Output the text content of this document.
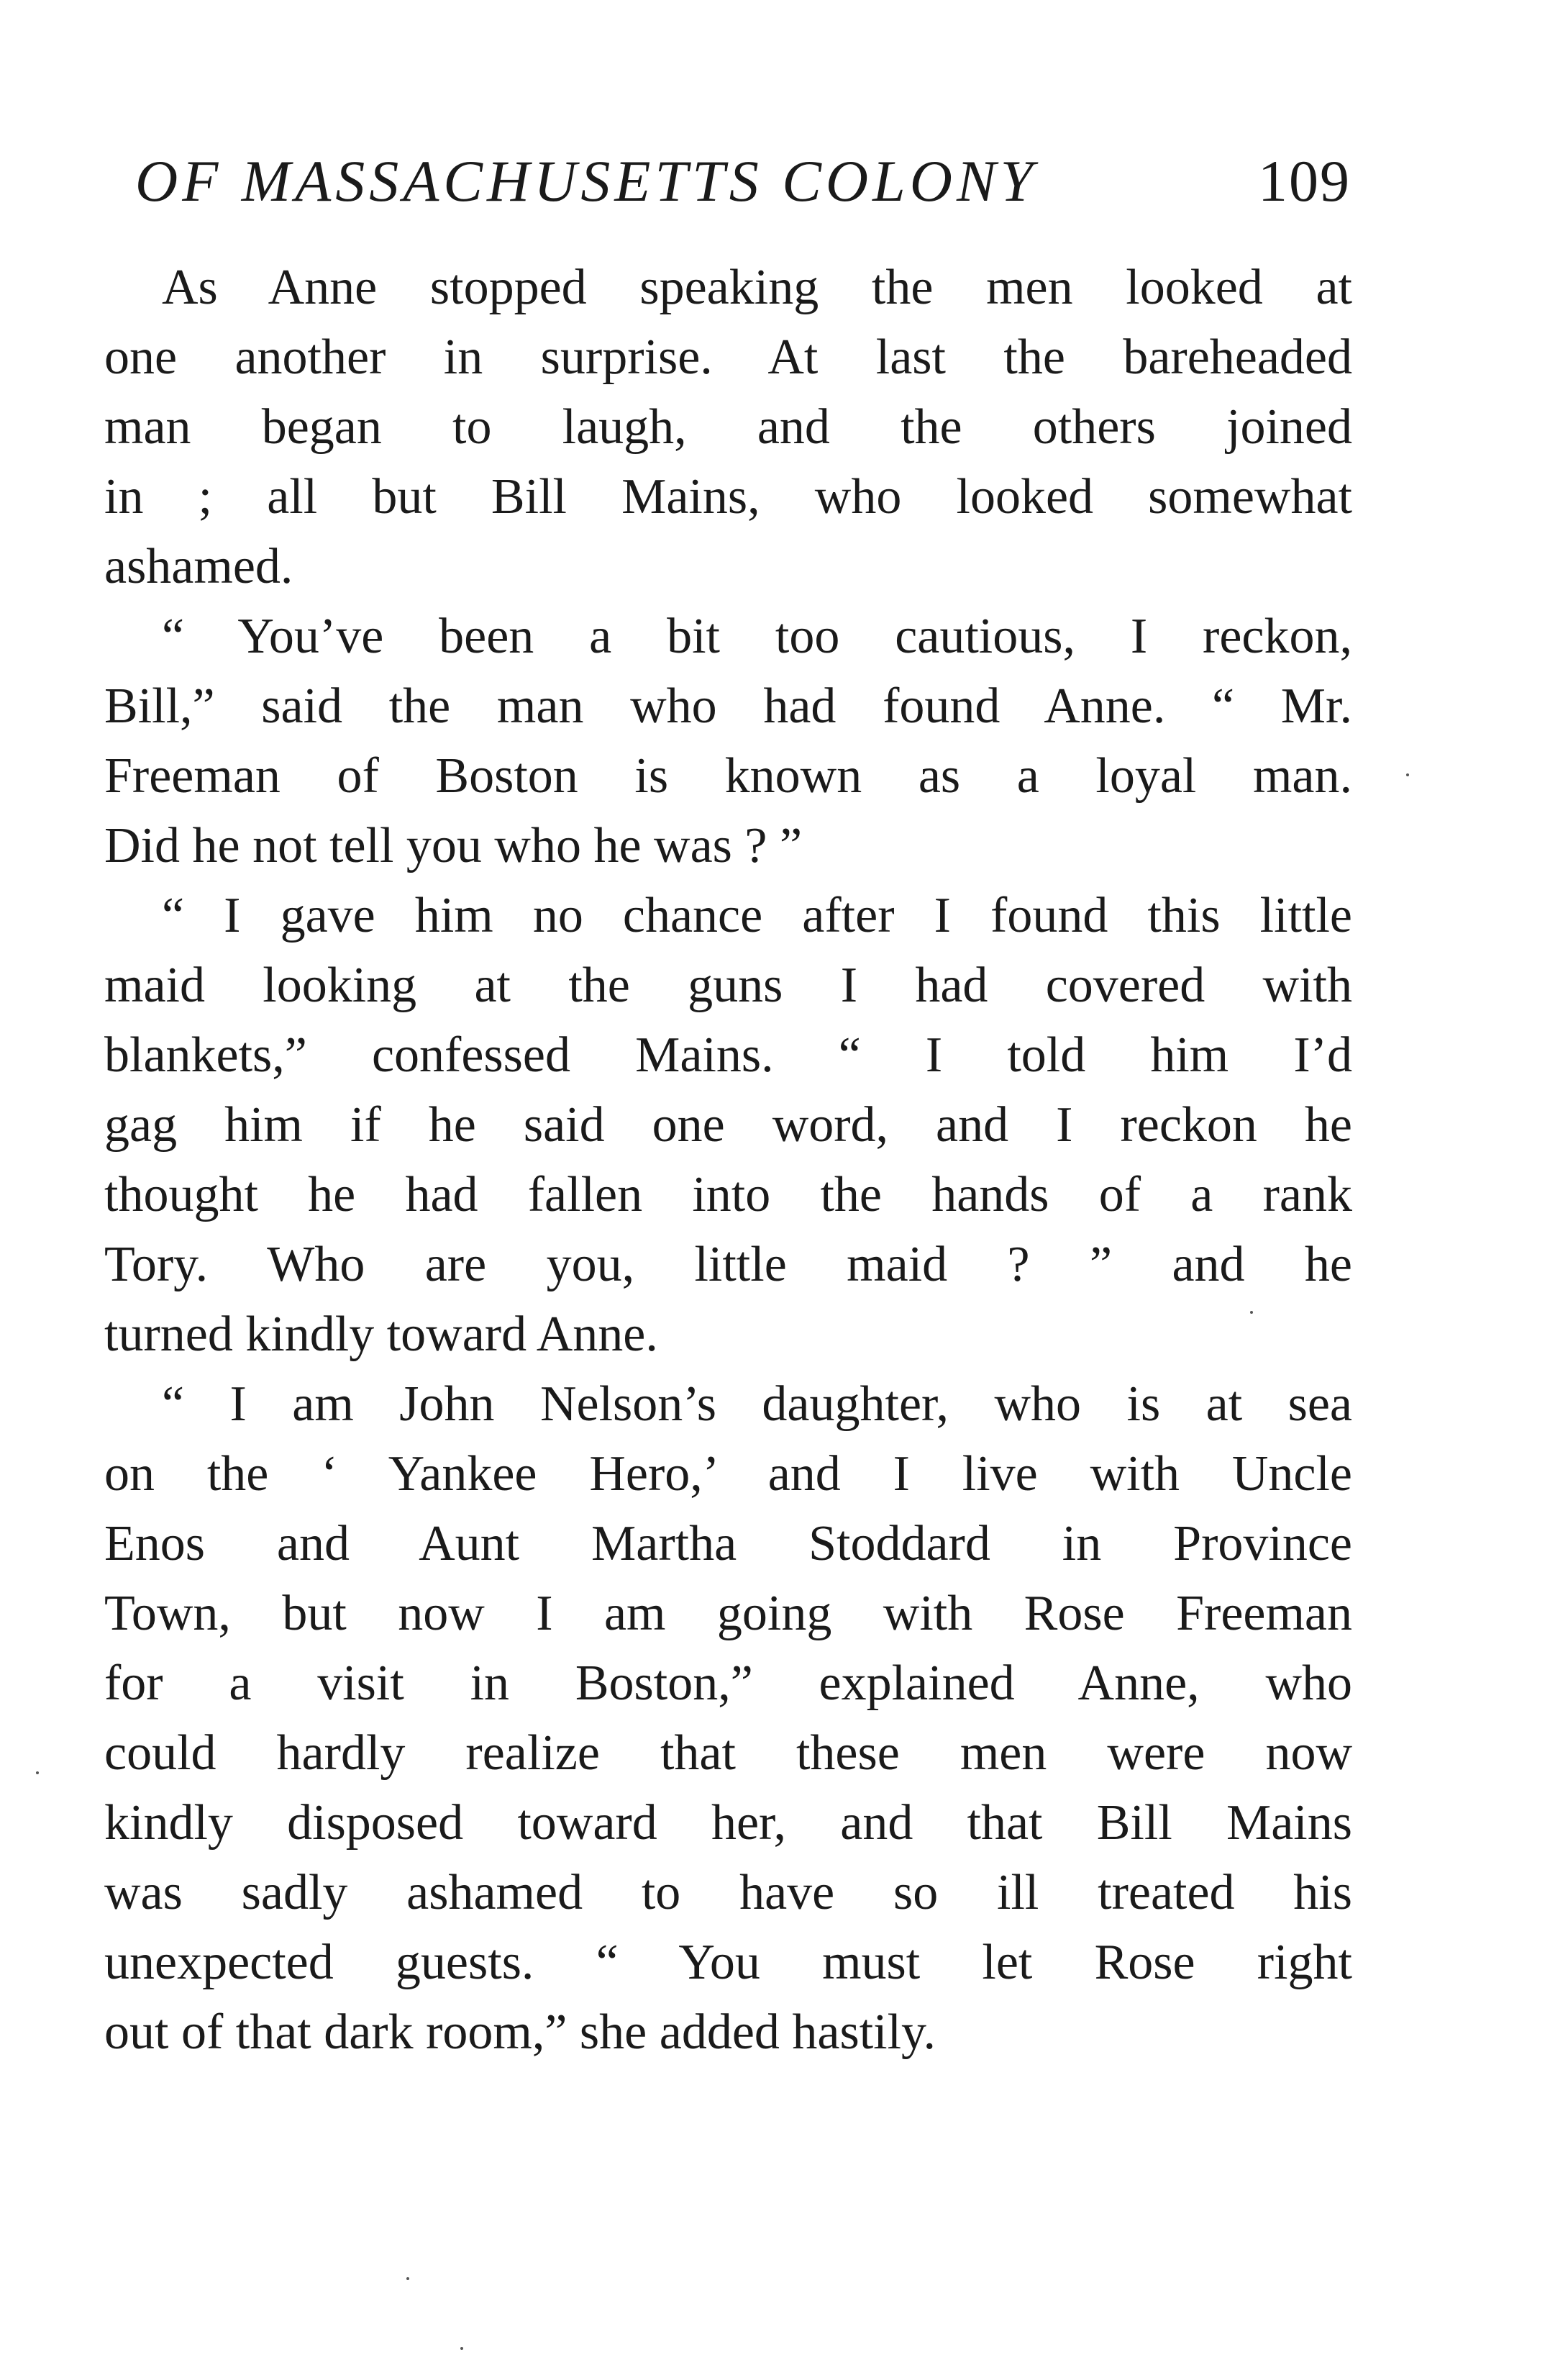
OF MASSACHUSETTS COLONY	109
As Anne stopped speaking the men looked at
one another in surprise. At last the bareheaded
man began to laugh, and the others joined
in ; all but Bill Mains, who looked somewhat
ashamed.
“ You’ve been a bit too cautious, I reckon,
Bill,” said the man who had found Anne. “ Mr.
Freeman of Boston is known as a loyal man.
Did he not tell you who he was ? ”
“ I gave him no chance after I found this little
maid looking at the guns I had covered with
blankets,” confessed Mains. “ I told him I’d
gag him if he said one word, and I reckon he
thought he had fallen into the hands of a rank
Tory. Who are you, little maid ? ” and he
turned kindly toward Anne.
“ I am John Nelson’s daughter, who is at sea
on the ‘ Yankee Hero,’ and I live with Uncle
Enos and Aunt Martha Stoddard in Province
Town, but now I am going with Rose Freeman
for a visit in Boston,” explained Anne, who
could hardly realize that these men were now
kindly disposed toward her, and that Bill Mains
was sadly ashamed to have so ill treated his
unexpected guests. “ You must let Rose right
out of that dark room,” she added hastily.
